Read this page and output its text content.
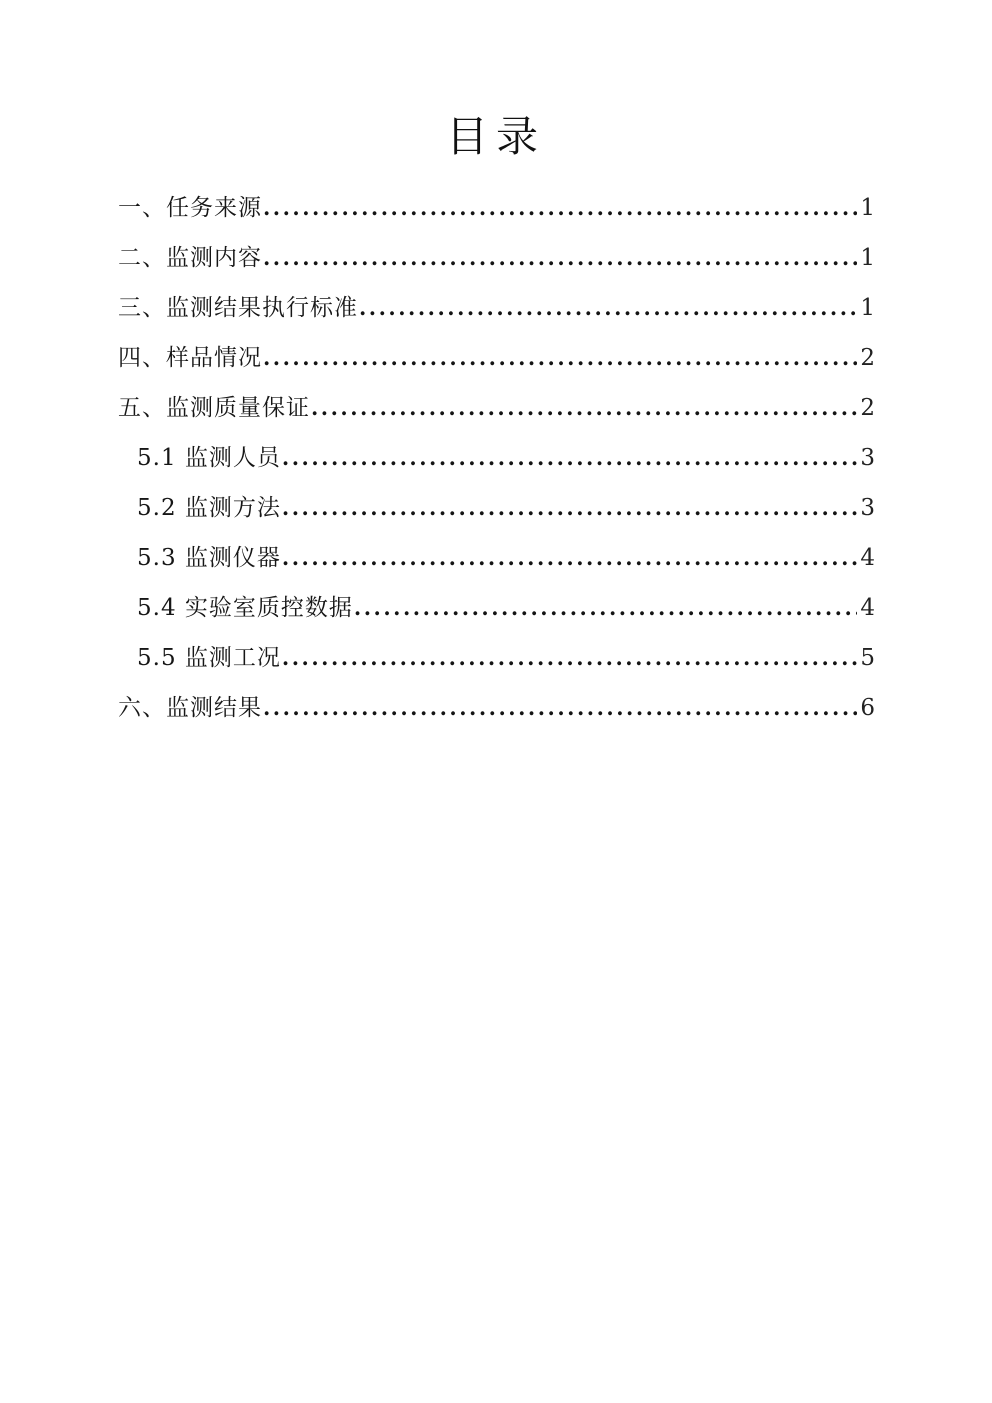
目录
一、任务来源 .....	1
二、监测内容 .....	1
三、监测结果执行标准 .....	1
四、样品情况 .....	2
五、监测质量保证 .....	2
5.1 监测人员 .....	3
5.2 监测方法 .....	3
5.3 监测仪器 .....	4
5.4 实验室质控数据 .....	4
5.5 监测工况 .....	5
六、监测结果 .....	6
